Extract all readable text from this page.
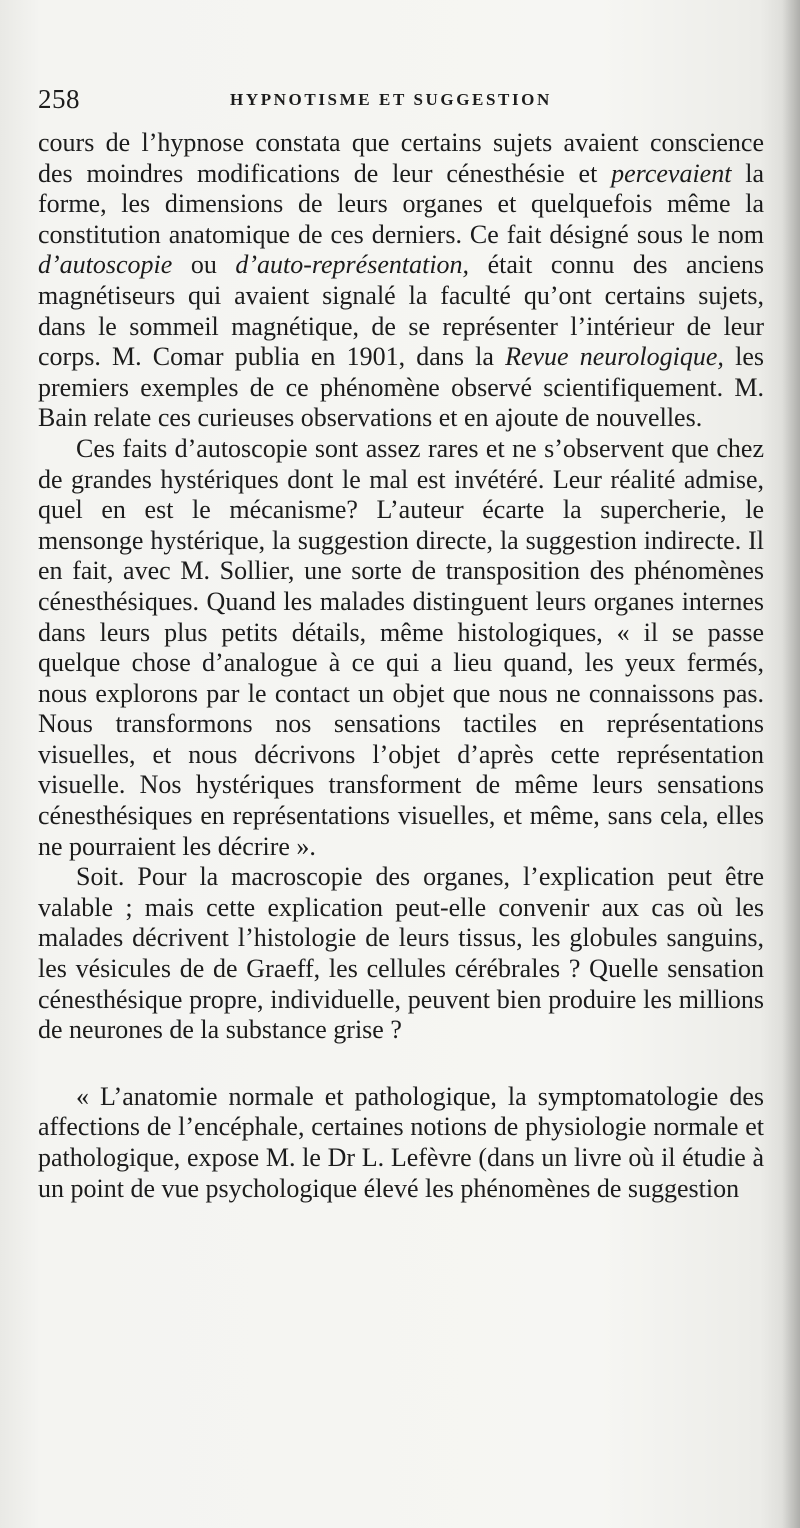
258	HYPNOTISME ET SUGGESTION

cours de l’hypnose constata que certains sujets avaient conscience des moindres modifications de leur cénesthésie et percevaient la forme, les dimensions de leurs organes et quelquefois même la constitution anatomique de ces derniers. Ce fait désigné sous le nom d’autoscopie ou d’auto-représentation, était connu des anciens magnétiseurs qui avaient signalé la faculté qu’ont certains sujets, dans le sommeil magnétique, de se représenter l’intérieur de leur corps. M. Comar publia en 1901, dans la Revue neurologique, les premiers exemples de ce phénomène observé scientifiquement. M. Bain relate ces curieuses observations et en ajoute de nouvelles.

Ces faits d’autoscopie sont assez rares et ne s’observent que chez de grandes hystériques dont le mal est invétéré. Leur réalité admise, quel en est le mécanisme? L’auteur écarte la supercherie, le mensonge hystérique, la suggestion directe, la suggestion indirecte. Il en fait, avec M. Sollier, une sorte de transposition des phénomènes cénesthésiques. Quand les malades distinguent leurs organes internes dans leurs plus petits détails, même histologiques, « il se passe quelque chose d’analogue à ce qui a lieu quand, les yeux fermés, nous explorons par le contact un objet que nous ne connaissons pas. Nous transformons nos sensations tactiles en représentations visuelles, et nous décrivons l’objet d’après cette représentation visuelle. Nos hystériques transforment de même leurs sensations cénesthésiques en représentations visuelles, et même, sans cela, elles ne pourraient les décrire ».

Soit. Pour la macroscopie des organes, l’explication peut être valable ; mais cette explication peut-elle convenir aux cas où les malades décrivent l’histologie de leurs tissus, les globules sanguins, les vésicules de de Graeff, les cellules cérébrales ? Quelle sensation cénesthésique propre, individuelle, peuvent bien produire les millions de neurones de la substance grise ?

« L’anatomie normale et pathologique, la symptomatologie des affections de l’encéphale, certaines notions de physiologie normale et pathologique, expose M. le Dr L. Lefèvre (dans un livre où il étudie à un point de vue psychologique élevé les phénomènes de suggestion
